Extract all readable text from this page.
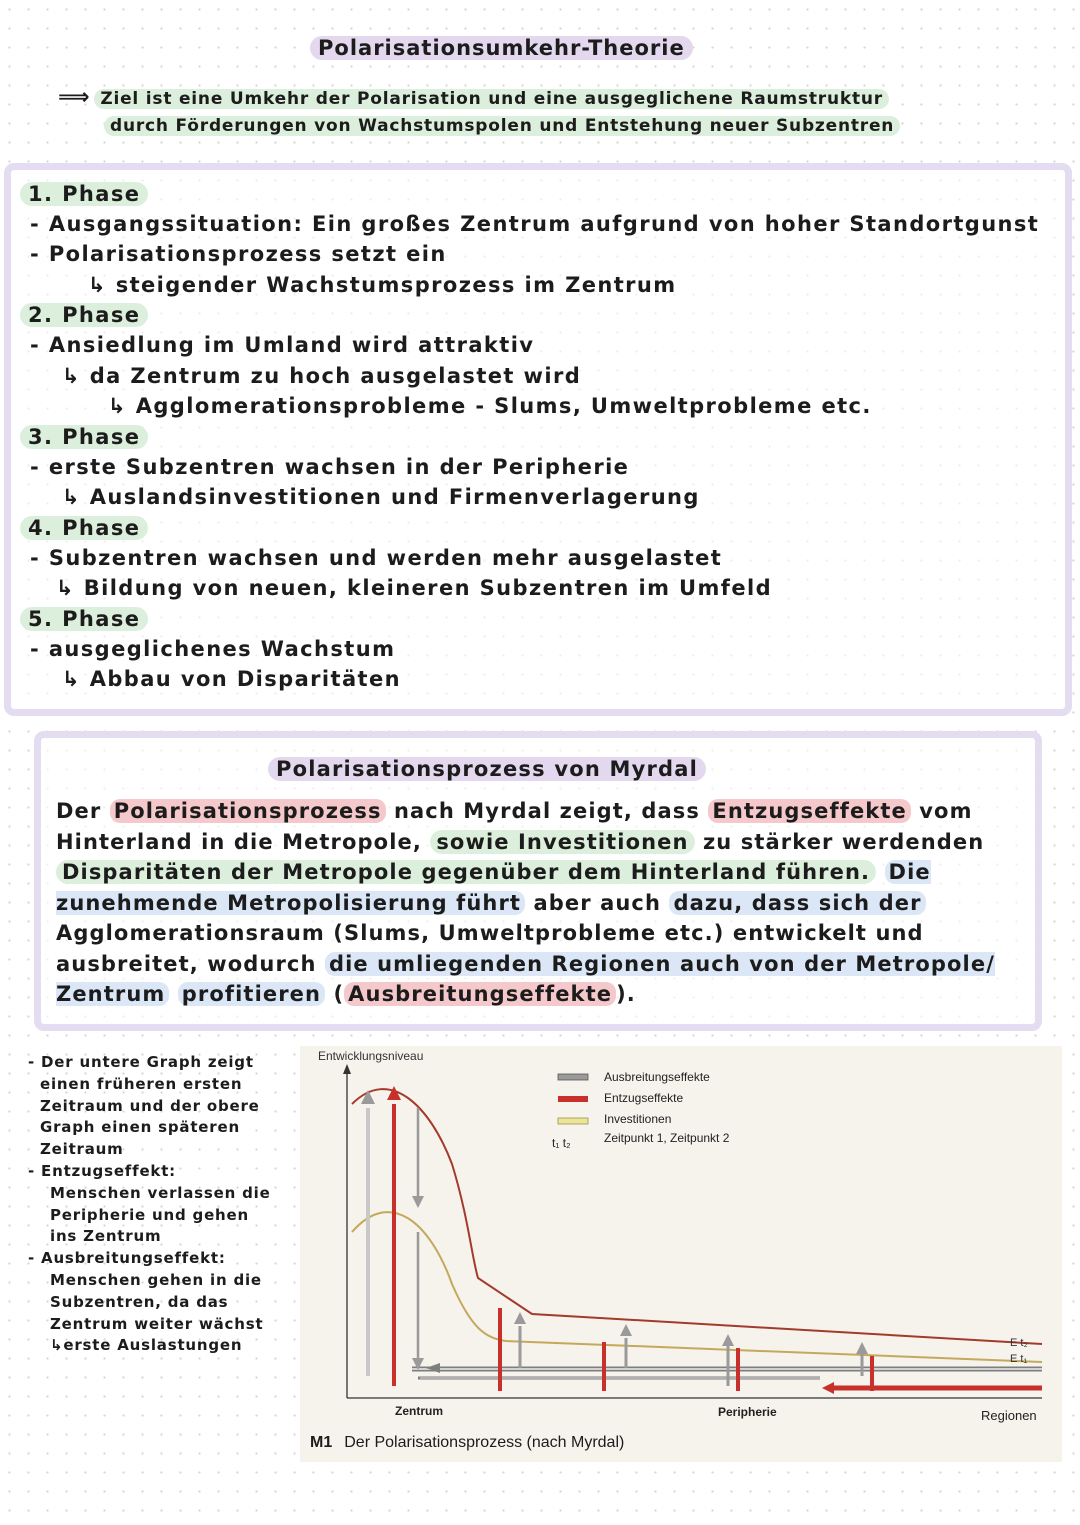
Polarisationsumkehr-Theorie
⟹ Ziel ist eine Umkehr der Polarisation und eine ausgeglichene Raumstruktur
durch Förderungen von Wachstumspolen und Entstehung neuer Subzentren
1. Phase
- Ausgangssituation: Ein großes Zentrum aufgrund von hoher Standortgunst
- Polarisationsprozess setzt ein
↳ steigender Wachstumsprozess im Zentrum
2. Phase
- Ansiedlung im Umland wird attraktiv
↳ da Zentrum zu hoch ausgelastet wird
↳ Agglomerationsprobleme - Slums, Umweltprobleme etc.
3. Phase
- erste Subzentren wachsen in der Peripherie
↳ Auslandsinvestitionen und Firmenverlagerung
4. Phase
- Subzentren wachsen und werden mehr ausgelastet
↳ Bildung von neuen, kleineren Subzentren im Umfeld
5. Phase
- ausgeglichenes Wachstum
↳ Abbau von Disparitäten
Polarisationsprozess von Myrdal
Der Polarisationsprozess nach Myrdal zeigt, dass Entzugseffekte vom Hinterland in die Metropole, sowie Investitionen zu stärker werdenden Disparitäten der Metropole gegenüber dem Hinterland führen. Die zunehmende Metropolisierung führt aber auch dazu, dass sich der Agglomerationsraum (Slums, Umweltprobleme etc.) entwickelt und ausbreitet, wodurch die umliegenden Regionen auch von der Metropole/ Zentrum profitieren ( Ausbreitungseffekte ).
- Der untere Graph zeigt
einen früheren ersten
Zeitraum und der obere
Graph einen späteren
Zeitraum
- Entzugseffekt:
Menschen verlassen die
Peripherie und gehen
ins Zentrum
- Ausbreitungseffekt:
Menschen gehen in die
Subzentren, da das
Zentrum weiter wächst
↳erste Auslastungen
Entwicklungsniveau
Ausbreitungseffekte
Entzugseffekte
Investitionen
t₁ t₂	Zeitpunkt 1, Zeitpunkt 2
E t₂
E t₁
Zentrum	Peripherie	Regionen
M1 Der Polarisationsprozess (nach Myrdal)
